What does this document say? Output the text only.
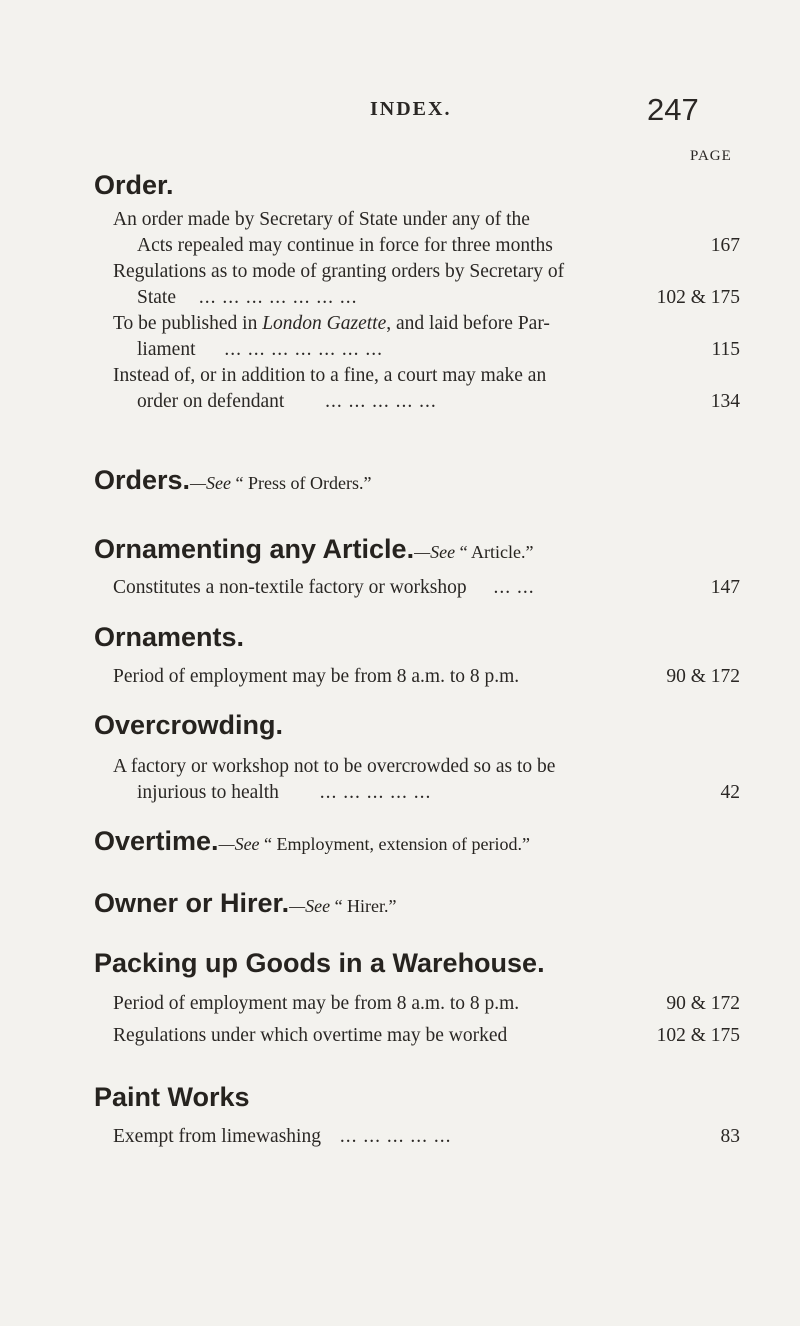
INDEX.	247
PAGE
Order.
An order made by Secretary of State under any of the
Acts repealed may continue in force for three months	167
Regulations as to mode of granting orders by Secretary of
State ... ... ... ... ... ... ...	102 & 175
To be published in London Gazette, and laid before Par-
liament ... ... ... ... ... ... ...	115
Instead of, or in addition to a fine, a court may make an
order on defendant ... ... ... ... ...	134
Orders.—See “ Press of Orders.”
Ornamenting any Article.—See “ Article.”
Constitutes a non-textile factory or workshop ... ...	147
Ornaments.
Period of employment may be from 8 a.m. to 8 p.m.	90 & 172
Overcrowding.
A factory or workshop not to be overcrowded so as to be
injurious to health ... ... ... ... ...	42
Overtime.—See “ Employment, extension of period.”
Owner or Hirer.—See “ Hirer.”
Packing up Goods in a Warehouse.
Period of employment may be from 8 a.m. to 8 p.m.	90 & 172
Regulations under which overtime may be worked	102 & 175
Paint Works
Exempt from limewashing ... ... ... ... ...	83
